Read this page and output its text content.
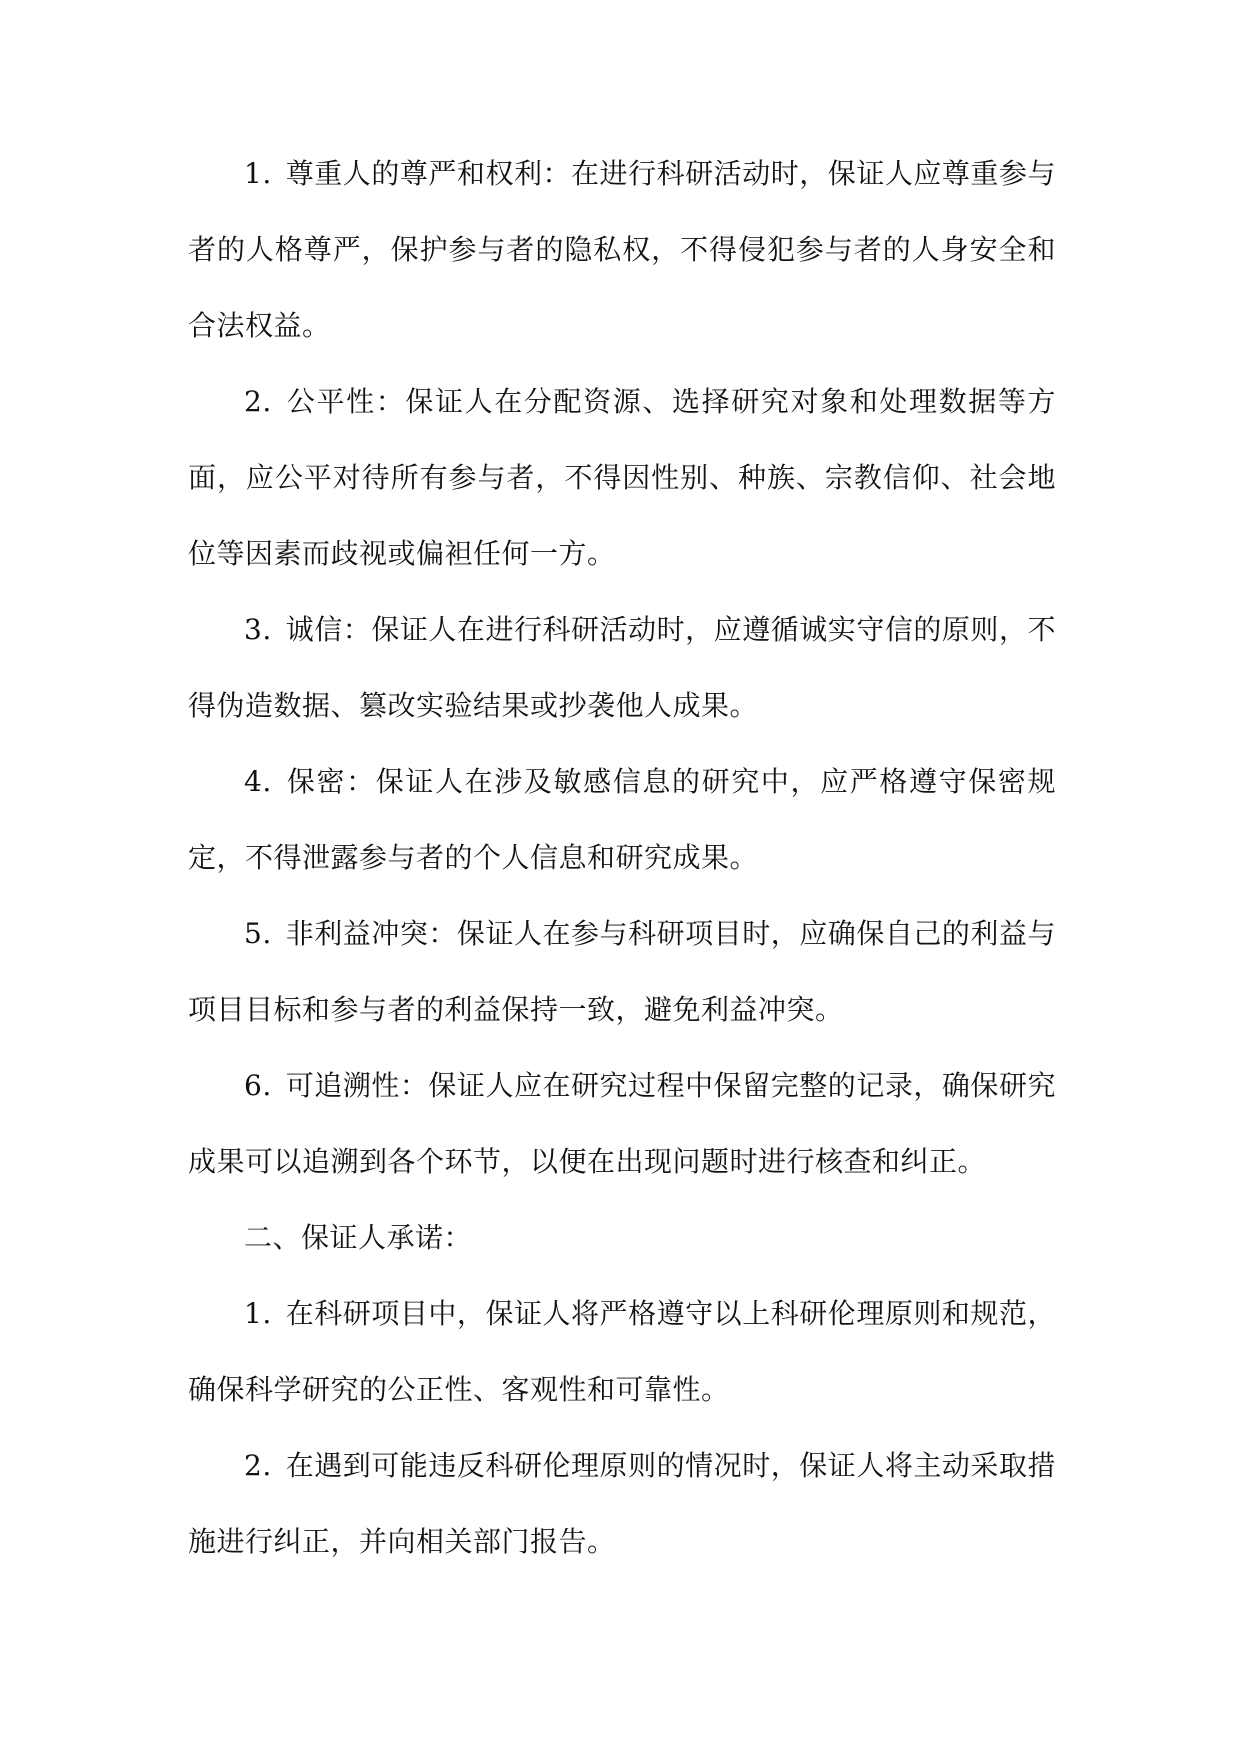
1. 尊重人的尊严和权利：在进行科研活动时，保证人应尊重参与者的人格尊严，保护参与者的隐私权，不得侵犯参与者的人身安全和合法权益。

2. 公平性：保证人在分配资源、选择研究对象和处理数据等方面，应公平对待所有参与者，不得因性别、种族、宗教信仰、社会地位等因素而歧视或偏袒任何一方。

3. 诚信：保证人在进行科研活动时，应遵循诚实守信的原则，不得伪造数据、篡改实验结果或抄袭他人成果。

4. 保密：保证人在涉及敏感信息的研究中，应严格遵守保密规定，不得泄露参与者的个人信息和研究成果。

5. 非利益冲突：保证人在参与科研项目时，应确保自己的利益与项目目标和参与者的利益保持一致，避免利益冲突。

6. 可追溯性：保证人应在研究过程中保留完整的记录，确保研究成果可以追溯到各个环节，以便在出现问题时进行核查和纠正。

二、保证人承诺：

1. 在科研项目中，保证人将严格遵守以上科研伦理原则和规范，确保科学研究的公正性、客观性和可靠性。

2. 在遇到可能违反科研伦理原则的情况时，保证人将主动采取措施进行纠正，并向相关部门报告。
